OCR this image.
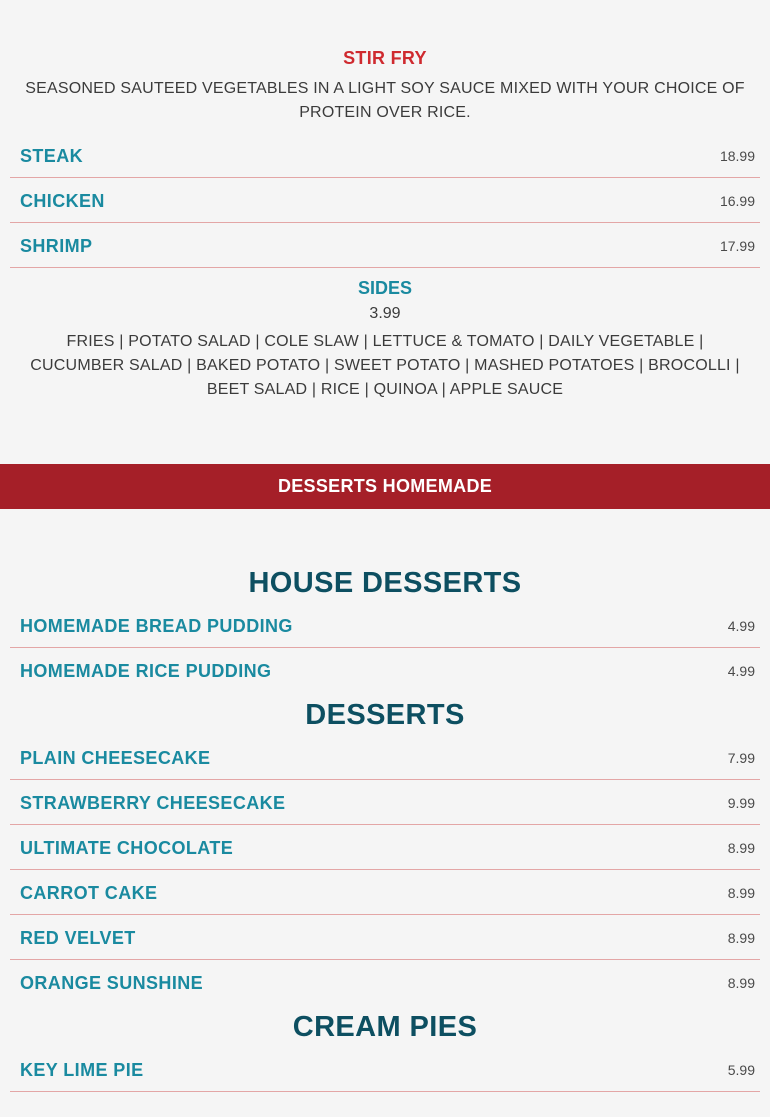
STIR FRY
SEASONED SAUTEED VEGETABLES IN A LIGHT SOY SAUCE MIXED WITH YOUR CHOICE OF PROTEIN OVER RICE.
STEAK	18.99
CHICKEN	16.99
SHRIMP	17.99
SIDES
3.99
FRIES | POTATO SALAD | COLE SLAW | LETTUCE & TOMATO | DAILY VEGETABLE | CUCUMBER SALAD | BAKED POTATO | SWEET POTATO | MASHED POTATOES | BROCOLLI | BEET SALAD | RICE | QUINOA | APPLE SAUCE
DESSERTS HOMEMADE
HOUSE DESSERTS
HOMEMADE BREAD PUDDING	4.99
HOMEMADE RICE PUDDING	4.99
DESSERTS
PLAIN CHEESECAKE	7.99
STRAWBERRY CHEESECAKE	9.99
ULTIMATE CHOCOLATE	8.99
CARROT CAKE	8.99
RED VELVET	8.99
ORANGE SUNSHINE	8.99
CREAM PIES
KEY LIME PIE	5.99
